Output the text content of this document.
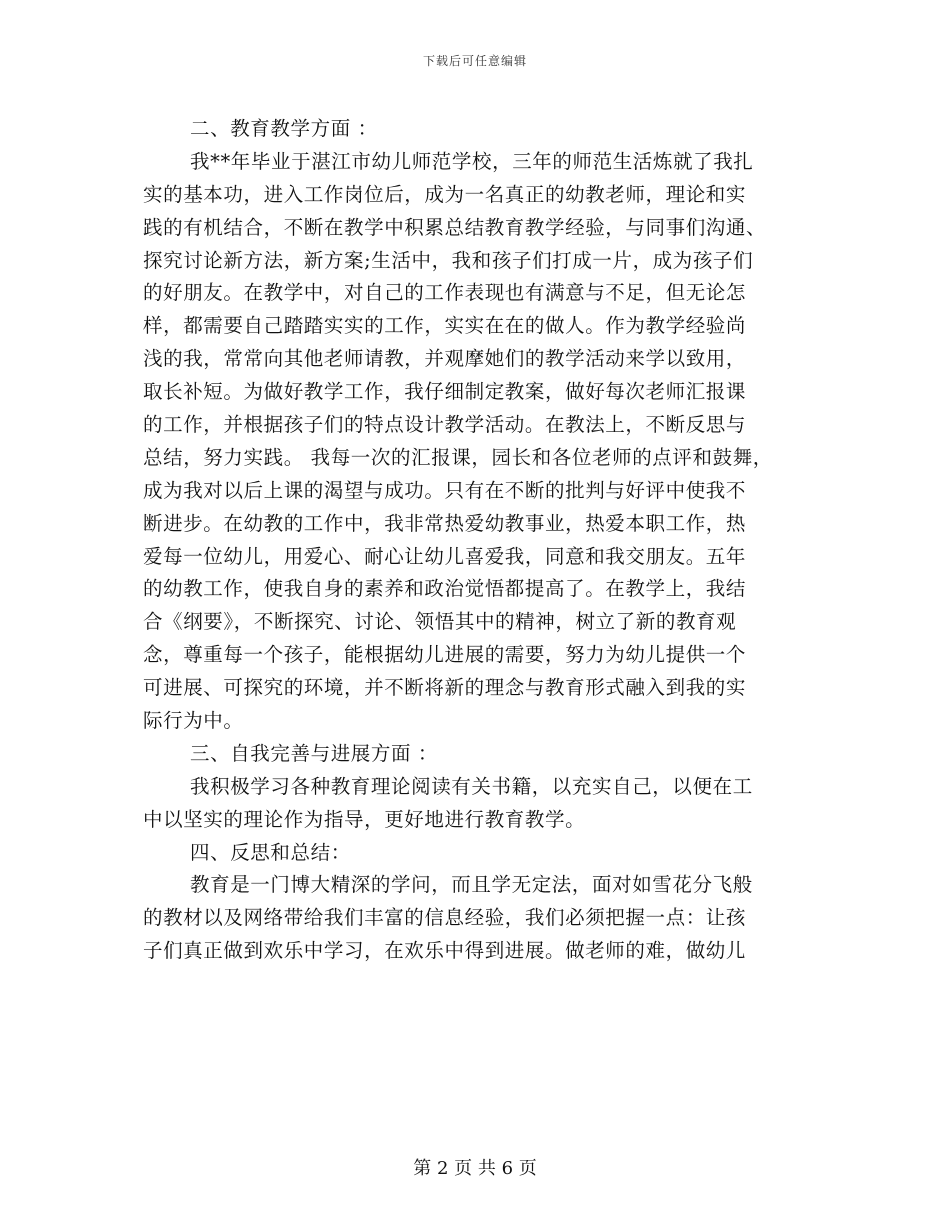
下载后可任意编辑
二、教育教学方面 ：
我**年毕业于湛江市幼儿师范学校，三年的师范生活炼就了我扎
实的基本功，进入工作岗位后，成为一名真正的幼教老师，理论和实
践的有机结合，不断在教学中积累总结教育教学经验，与同事们沟通、
探究讨论新方法，新方案;生活中，我和孩子们打成一片，成为孩子们
的好朋友。在教学中，对自己的工作表现也有满意与不足，但无论怎
样，都需要自己踏踏实实的工作，实实在在的做人。作为教学经验尚
浅的我，常常向其他老师请教，并观摩她们的教学活动来学以致用，
取长补短。为做好教学工作，我仔细制定教案，做好每次老师汇报课
的工作，并根据孩子们的特点设计教学活动。在教法上，不断反思与
总结，努力实践。 我每一次的汇报课，园长和各位老师的点评和鼓舞，
成为我对以后上课的渴望与成功。只有在不断的批判与好评中使我不
断进步。在幼教的工作中，我非常热爱幼教事业，热爱本职工作，热
爱每一位幼儿，用爱心、耐心让幼儿喜爱我，同意和我交朋友。五年
的幼教工作，使我自身的素养和政治觉悟都提高了。在教学上，我结
合《纲要》，不断探究、讨论、领悟其中的精神，树立了新的教育观
念，尊重每一个孩子，能根据幼儿进展的需要，努力为幼儿提供一个
可进展、可探究的环境，并不断将新的理念与教育形式融入到我的实
际行为中。
三、自我完善与进展方面 ：
我积极学习各种教育理论阅读有关书籍，以充实自己，以便在工
中以坚实的理论作为指导，更好地进行教育教学。
四、反思和总结：
教育是一门博大精深的学问，而且学无定法，面对如雪花分飞般
的教材以及网络带给我们丰富的信息经验，我们必须把握一点：让孩
子们真正做到欢乐中学习，在欢乐中得到进展。做老师的难，做幼儿
第 2 页 共 6 页
